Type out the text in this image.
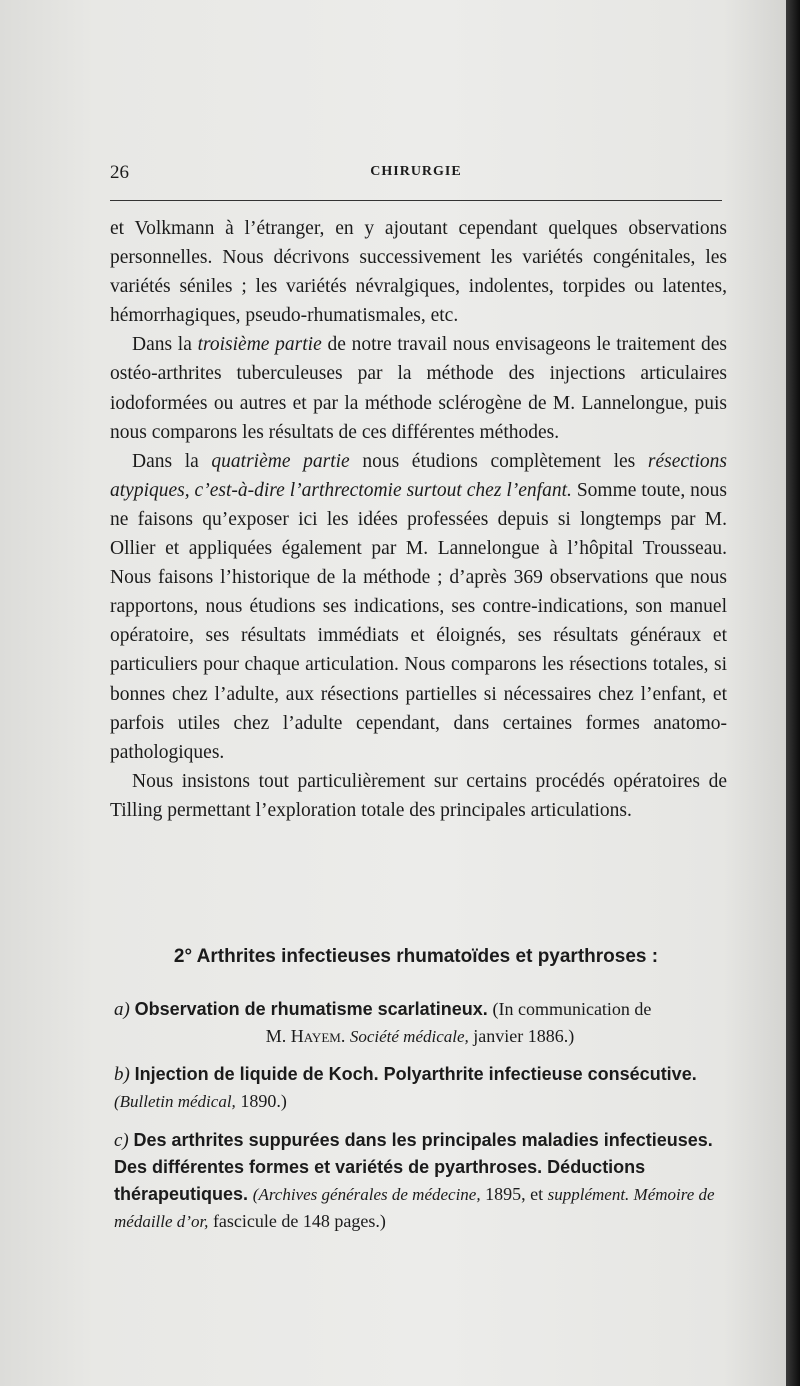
26	CHIRURGIE

et Volkmann à l’étranger, en y ajoutant cependant quelques observations personnelles. Nous décrivons successivement les variétés congénitales, les variétés séniles ; les variétés névralgiques, indolentes, torpides ou latentes, hémorrhagiques, pseudo-rhumatismales, etc.

Dans la troisième partie de notre travail nous envisageons le traitement des ostéo-arthrites tuberculeuses par la méthode des injections articulaires iodoformées ou autres et par la méthode sclérogène de M. Lannelongue, puis nous comparons les résultats de ces différentes méthodes.

Dans la quatrième partie nous étudions complètement les résections atypiques, c’est-à-dire l’arthrectomie surtout chez l’enfant. Somme toute, nous ne faisons qu’exposer ici les idées professées depuis si longtemps par M. Ollier et appliquées également par M. Lannelongue à l’hôpital Trousseau. Nous faisons l’historique de la méthode ; d’après 369 observations que nous rapportons, nous étudions ses indications, ses contre-indications, son manuel opératoire, ses résultats immédiats et éloignés, ses résultats généraux et particuliers pour chaque articulation. Nous comparons les résections totales, si bonnes chez l’adulte, aux résections partielles si nécessaires chez l’enfant, et parfois utiles chez l’adulte cependant, dans certaines formes anatomo-pathologiques.

Nous insistons tout particulièrement sur certains procédés opératoires de Tilling permettant l’exploration totale des principales articulations.

2° Arthrites infectieuses rhumatoïdes et pyarthroses :
a) Observation de rhumatisme scarlatineux. (In communication de
M. Hayem. Société médicale, janvier 1886.)
b) Injection de liquide de Koch. Polyarthrite infectieuse consécutive. (Bulletin médical, 1890.)
c) Des arthrites suppurées dans les principales maladies infectieuses. Des différentes formes et variétés de pyarthroses. Déductions thérapeutiques. (Archives générales de médecine, 1895, et supplément. Mémoire de médaille d’or, fascicule de 148 pages.)
